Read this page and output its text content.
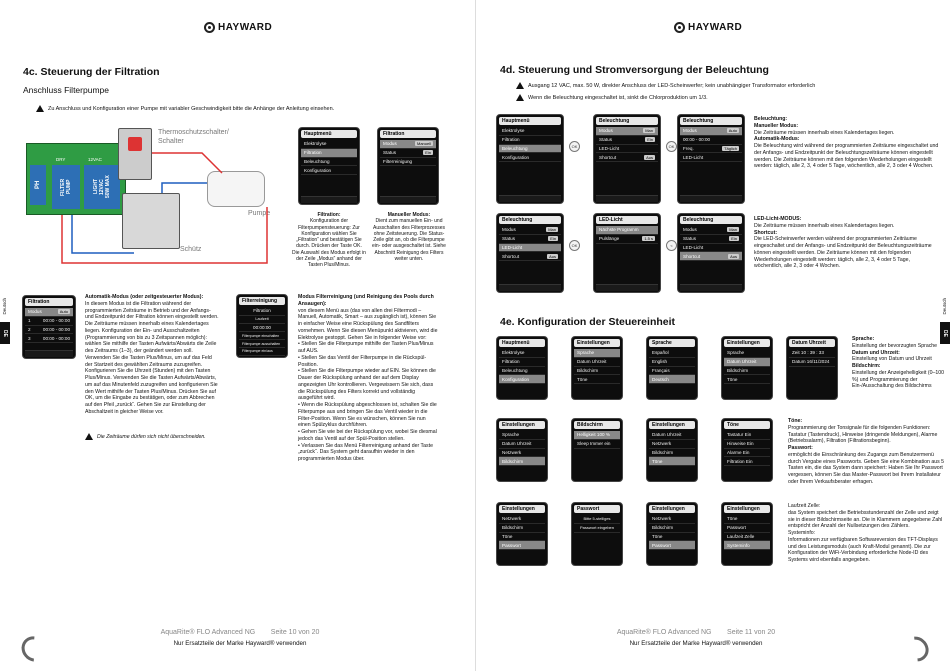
HAYWARD
4c. Steuerung der Filtration
Anschluss Filterpumpe
Zu Anschluss und Konfiguration einer Pumpe mit variabler Geschwindigkeit bitte die Anhänge der Anleitung einsehen.
PH	FILTER
PUMP	LIGHT
12VAC
50W MAX
DRY	12VAC
Thermoschutzschalter/
Schalter
Pumpe
Schütz
Hauptmenü
Elektrolyse
Filtration
Beleuchtung
Konfiguration
Filtration
Modus	Manuell
Status	Ein
Filterreinigung
Filtration:
Konfiguration der Filterpumpensteuerung: Zur Konfiguration wählen Sie „Filtration“ und bestätigen Sie durch. Drücken der Taste OK. Die Auswahl des Modus erfolgt in der Zeile „Modus“ anhand der Tasten Plus/Minus.
Manueller Modus:
Dient zum manuellen Ein- und Ausschalten des Filterprozesses ohne Zeitsteuerung. Die Status-Zeile gibt an, ob die Filterpumpe ein- oder ausgeschaltet ist. Siehe Abschnitt Reinigung des Filters weiter unten.
DE
Deutsch	Filtration
Modus	Auto
1	00:00 - 00:00
2	00:00 - 00:00
3	00:00 - 00:00
Automatik-Modus (oder zeitgesteuerter Modus):
In diesem Modus ist die Filtration während der programmierten Zeiträume in Betrieb und der Anfangs- und Endzeitpunkt der Filtration können eingestellt werden. Die Zeiträume müssen innerhalb eines Kalendertages liegen. Konfiguration der Ein- und Ausschaltzeiten (Programmierung von bis zu 3 Zeitspannen möglich): wählen Sie mithilfe der Tasten Aufwärts/Abwärts die Zeile des Zeitraums (1–3), der geändert werden soll. Verwenden Sie die Tasten Plus/Minus, um auf das Feld der Startzeit des gewählten Zeitraums zuzugreifen. Konfigurieren Sie die Uhrzeit (Stunden) mit den Tasten Plus/Minus. Verwenden Sie die Tasten Aufwärts/Abwärts, um auf das Minutenfeld zuzugreifen und konfigurieren Sie den Wert mithilfe der Tasten Plus/Minus. Drücken Sie auf OK, um die Eingabe zu bestätigen, oder zum Abbrechen auf den Pfeil „zurück“. Gehen Sie zur Einstellung der Abschaltzeit in gleicher Weise vor.
Die Zeiträume dürfen sich nicht überschneiden.
Filterreinigung
Filtration
Laufzeit
00:00:00
Filterpumpe einschalten
Filterpumpe ausschalten
Filterpumpe ein/aus
Modus Filterreinigung (und Reinigung des Pools durch Ansaugen):
von diesem Menü aus (das von allen drei Filtermodi – Manuell, Automatik, Smart – aus zugänglich ist), können Sie in einfacher Weise eine Rückspülung des Sandfilters vornehmen. Wenn Sie diesen Menüpunkt aktivieren, wird die Elektrolyse gestoppt. Gehen Sie in folgender Weise vor:
• Stellen Sie die Filterpumpe mithilfe der Tasten Plus/Minus auf AUS.
• Stellen Sie das Ventil der Filterpumpe in die Rückspül-Position.
• Stellen Sie die Filterpumpe wieder auf EIN. Sie können die Dauer der Rückspülung anhand der auf dem Display angezeigten Uhr kontrollieren. Vergewissern Sie sich, dass die Rückspülung des Filters korrekt und vollständig ausgeführt wird.
• Wenn die Rückspülung abgeschlossen ist, schalten Sie die Filterpumpe aus und bringen Sie das Ventil wieder in die Filter-Position. Wenn Sie es wünschen, können Sie nun einen Spülzyklus durchführen.
• Gehen Sie wie bei der Rückspülung vor, wobei Sie diesmal jedoch das Ventil auf der Spül-Position stellen.
• Verlassen Sie das Menü Filterreinigung anhand der Taste „zurück“. Das System geht daraufhin wieder in den programmierten Modus über.
AquaRite® FLO Advanced NG        Seite 10 von 20
Nur Ersatzteile der Marke Hayward® verwenden
HAYWARD
4d. Steuerung und Stromversorgung der Beleuchtung
Ausgang 12 VAC, max. 50 W, direkter Anschluss der LED-Scheinwerfer; kein unabhängiger Transformator erforderlich
Wenn die Beleuchtung eingeschaltet ist, sinkt die Chlorproduktion um 1/3.
Hauptmenü
Elektrolyse
Filtration
Beleuchtung
Konfiguration
OK
Beleuchtung
Modus	Man
Status	Ein
LED-Licht
Shortcut	Aus
OK
Beleuchtung
Modus	Auto
00:00 - 00:00
Freq.	Täglich
LED-Licht
Beleuchtung:
Manueller Modus:
Die Zeiträume müssen innerhalb eines Kalendertages liegen.
Automatik-Modus:
Die Beleuchtung wird während der programmierten Zeiträume eingeschaltet und der Anfangs- und Endzeitpunkt der Beleuchtungszeiträume können eingestellt werden. Die Zeiträume können mit den folgenden Wiederholungen eingestellt werden: täglich, alle 2, 3, 4 oder 5 Tage, wöchentlich, alle 2, 3 oder 4 Wochen.
Beleuchtung
Modus	Man
Status	Ein
LED-Licht
Shortcut	Aus
OK
LED-Licht
Nächste Programm
Pulslänge	1.5 s
<
Beleuchtung
Modus	Man
Status	Ein
LED-Licht
Shortcut	Aus
LED-Licht-MODUS:
Die Zeiträume müssen innerhalb eines Kalendertages liegen.
Shortcut:
Die LED-Scheinwerfer werden während der programmierten Zeiträume eingeschaltet und der Anfangs- und Endzeitpunkt der Beleuchtungszeiträume können eingestellt werden. Die Zeiträume können mit den folgenden Wiederholungen eingestellt werden: täglich, alle 2, 3, 4 oder 5 Tage, wöchentlich, alle 2, 3 oder 4 Wochen.
4e. Konfiguration der Steuereinheit
Hauptmenü
Elektrolyse
Filtration
Beleuchtung
Konfiguration
Einstellungen
Sprache
Datum Uhrzeit
Bildschirm
Töne
Sprache
Español
English
Français
Deutsch
Einstellungen
Sprache
Datum Uhrzeit
Bildschirm
Töne
Datum Uhrzeit
Zeit 10 : 39 : 33
Datum 16/11/2024
Sprache:
Einstellung der bevorzugten Sprache
Datum und Uhrzeit:
Einstellung von Datum und Uhrzeit
Bildschirm:
Einstellung der Anzeigehelligkeit (0–100 %) und Programmierung der Ein-/Ausschaltung des Bildschirms
Einstellungen
Sprache
Datum Uhrzeit
Netzwerk
Bildschirm
Bildschirm
Helligkeit 100 %
Sleep Immer ein
Einstellungen
Datum Uhrzeit
Netzwerk
Bildschirm
Töne
Töne
Tastatur Ein
Hinweise Ein
Alarme Ein
Filtration Ein
Töne:
Programmierung der Tonsignale für die folgenden Funktionen: Tastatur (Tastendruck), Hinweise (dringende Meldungen), Alarme (Betriebsalarm), Filtration (Filtrationsbeginn).
Passwort:
ermöglicht die Einschränkung des Zugangs zum Benutzermenü durch Vergabe eines Passworts. Geben Sie eine Kombination aus 5 Tasten ein, die das System dann speichert: Haben Sie Ihr Passwort vergessen, können Sie das Master-Passwort bei Ihrem Installateur oder Ihrem Verkaufsberater erfragen.
Einstellungen
Netzwerk
Bildschirm
Töne
Passwort
Passwort
Bitte 5-stelliges
Passwort eingeben
Einstellungen
Netzwerk
Bildschirm
Töne
Passwort
Einstellungen
Töne
Passwort
Laufzeit Zelle
Systeminfo
Laufzeit Zelle:
das System speichert die Betriebsstundenzahl der Zelle und zeigt sie in dieser Bildschirmseite an. Die in Klammern angegebene Zahl entspricht der Anzahl der Nullsetzungen des Zählers.
Systeminfo:
Informationen zur verfügbaren Softwareversion des TFT-Displays und des Leistungsmoduls (auch Kraft-Modul genannt). Die zur Konfiguration der WiFi-Verbindung erforderliche Node-ID des Systems wird ebenfalls angegeben.
DE
Deutsch
AquaRite® FLO Advanced NG        Seite 11 von 20
Nur Ersatzteile der Marke Hayward® verwenden
